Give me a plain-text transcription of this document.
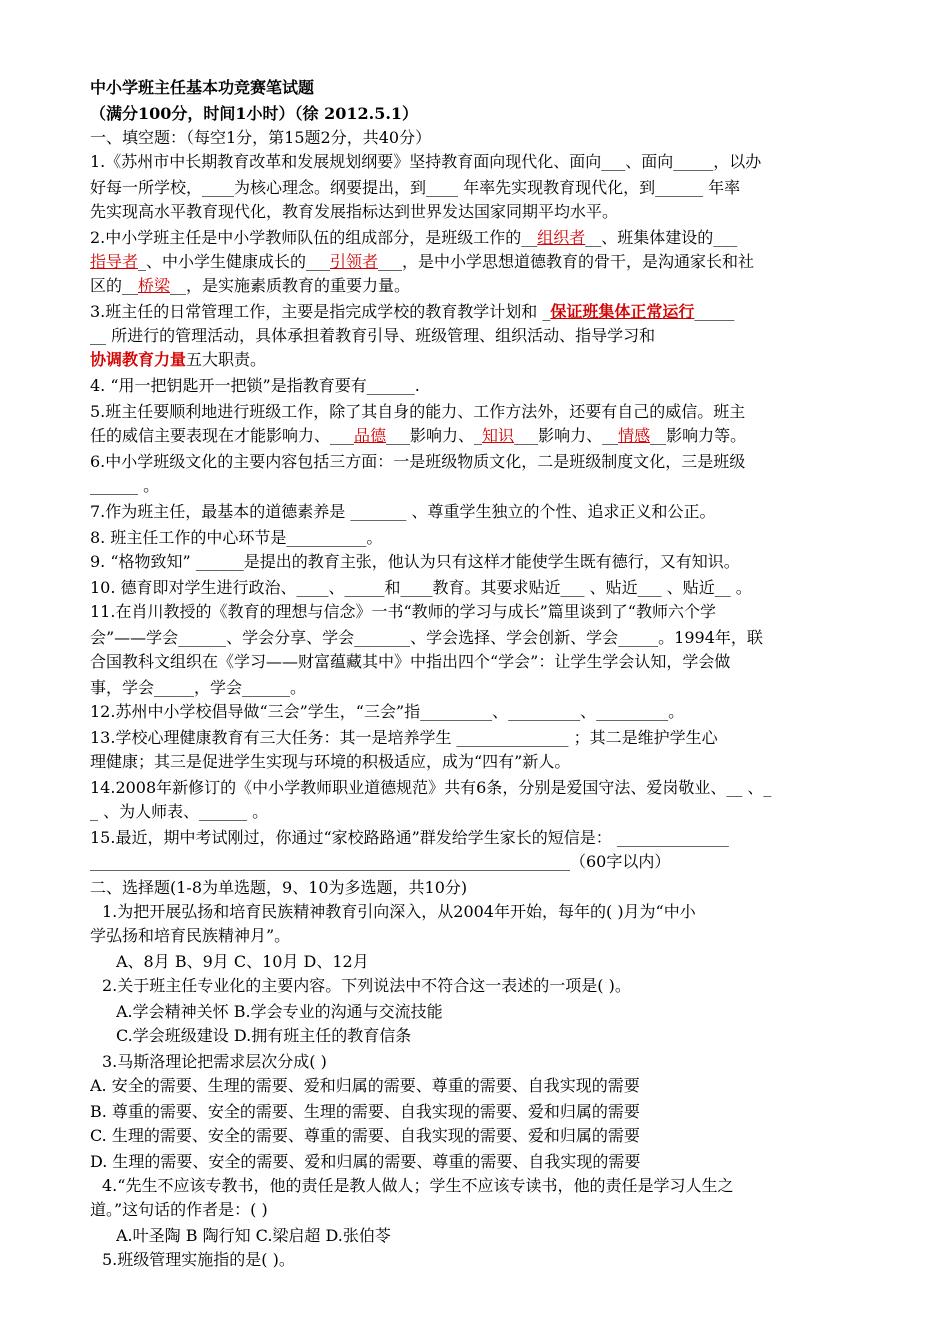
中小学班主任基本功竞赛笔试题
（满分100分，时间1小时）（徐 2012.5.1）
一、填空题：（每空1分，第15题2分，共40分）
1.《苏州市中长期教育改革和发展规划纲要》坚持教育面向现代化、面向___、面向_____，以办
好每一所学校，____为核心理念。纲要提出，到____ 年率先实现教育现代化，到______ 年率
先实现高水平教育现代化，教育发展指标达到世界发达国家同期平均水平。
2.中小学班主任是中小学教师队伍的组成部分，是班级工作的__组织者__、班集体建设的___
指导者_、中小学生健康成长的___引领者___，是中小学思想道德教育的骨干，是沟通家长和社
区的__桥梁__，是实施素质教育的重要力量。
3.班主任的日常管理工作，主要是指完成学校的教育教学计划和 _保证班集体正常运行_____
__ 所进行的管理活动，具体承担着教育引导、班级管理、组织活动、指导学习和
协调教育力量五大职责。
4. “用一把钥匙开一把锁”是指教育要有______.
5.班主任要顺利地进行班级工作，除了其自身的能力、工作方法外，还要有自己的威信。班主
任的威信主要表现在才能影响力、___品德___影响力、_知识___影响力、__情感__影响力等。
6.中小学班级文化的主要内容包括三方面：一是班级物质文化，二是班级制度文化，三是班级
______ 。
7.作为班主任，最基本的道德素养是 _______ 、尊重学生独立的个性、追求正义和公正。
8. 班主任工作的中心环节是__________。
9. “格物致知” ______是提出的教育主张，他认为只有这样才能使学生既有德行，又有知识。
10. 德育即对学生进行政治、____、_____和____教育。其要求贴近___ 、贴近___ 、贴近__ 。
11.在肖川教授的《教育的理想与信念》一书“教师的学习与成长”篇里谈到了“教师六个学
会”——学会______、学会分享、学会_______、学会选择、学会创新、学会_____。1994年，联
合国教科文组织在《学习——财富蕴藏其中》中指出四个“学会”：让学生学会认知，学会做
事，学会_____，学会______。
12.苏州中小学校倡导做“三会”学生，“三会”指_________、_________、_________。
13.学校心理健康教育有三大任务：其一是培养学生 ______________ ；其二是维护学生心
理健康；其三是促进学生实现与环境的积极适应，成为“四有”新人。
14.2008年新修订的《中小学教师职业道德规范》共有6条，分别是爱国守法、爱岗敬业、__ 、_
_ 、为人师表、______ 。
15.最近，期中考试刚过，你通过“家校路路通”群发给学生家长的短信是： ______________
____________________________________________________________（60字以内）
二、选择题(1-8为单选题，9、10为多选题，共10分)
1.为把开展弘扬和培育民族精神教育引向深入，从2004年开始，每年的( )月为“中小
学弘扬和培育民族精神月”。
A、8月 B、9月 C、10月 D、12月
2.关于班主任专业化的主要内容。下列说法中不符合这一表述的一项是( )。
A.学会精神关怀 B.学会专业的沟通与交流技能
C.学会班级建设 D.拥有班主任的教育信条
3.马斯洛理论把需求层次分成( )
A. 安全的需要、生理的需要、爱和归属的需要、尊重的需要、自我实现的需要
B. 尊重的需要、安全的需要、生理的需要、自我实现的需要、爱和归属的需要
C. 生理的需要、安全的需要、尊重的需要、自我实现的需要、爱和归属的需要
D. 生理的需要、安全的需要、爱和归属的需要、尊重的需要、自我实现的需要
4.“先生不应该专教书，他的责任是教人做人；学生不应该专读书，他的责任是学习人生之
道。”这句话的作者是：( )
A.叶圣陶 B 陶行知 C.梁启超 D.张伯苓
5.班级管理实施指的是( )。
